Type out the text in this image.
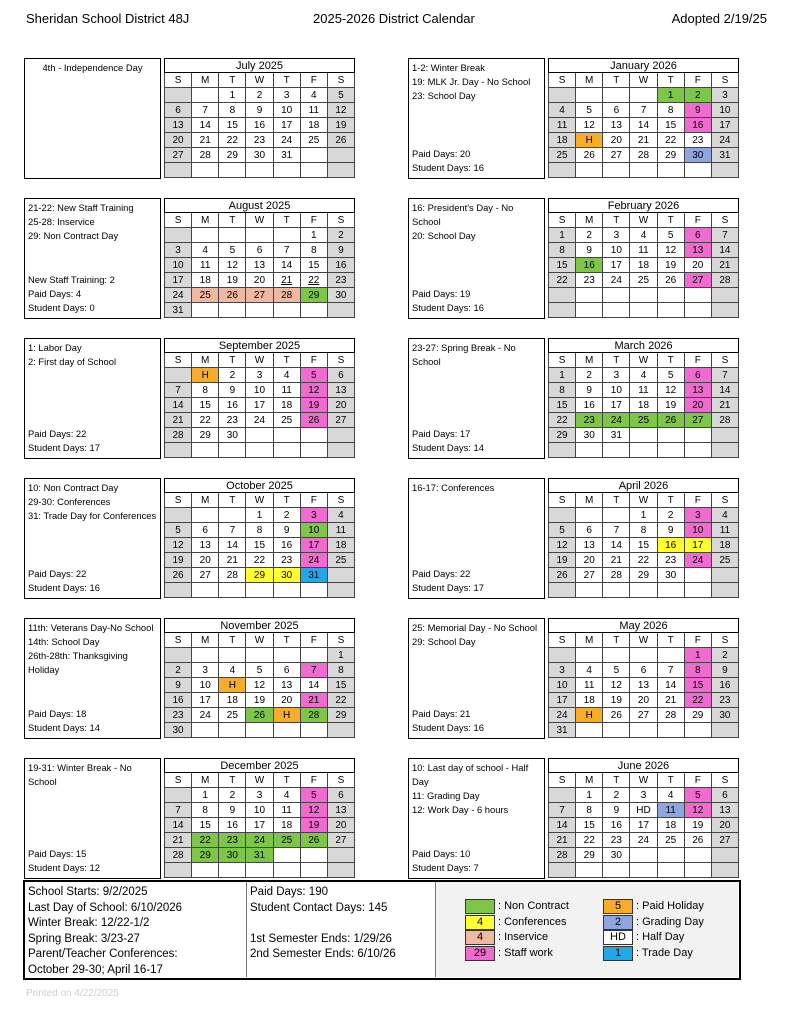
Sheridan School District 48J	2025-2026 District Calendar	Adopted 2/19/25
4th - Independence Day	July 2025						
S	M	T	W	T	F	S
		1	2	3	4	5
6	7	8	9	10	11	12
13	14	15	16	17	18	19
20	21	22	23	24	25	26
27	28	29	30	31		

21-22: New Staff Training
25-28: Inservice
29: Non Contract Day
New Staff Training: 2
Paid Days: 4
Student Days: 0
August 2025						
S	M	T	W	T	F	S
					1	2
3	4	5	6	7	8	9
10	11	12	13	14	15	16
17	18	19	20	21	22	23
24	25	26	27	28	29	30
31						
1: Labor Day
2: First day of School
Paid Days: 22
Student Days: 17
September 2025						
S	M	T	W	T	F	S
	H	2	3	4	5	6
7	8	9	10	11	12	13
14	15	16	17	18	19	20
21	22	23	24	25	26	27
28	29	30				

10: Non Contract Day
29-30: Conferences
31: Trade Day for Conferences
Paid Days: 22
Student Days: 16
October 2025						
S	M	T	W	T	F	S
			1	2	3	4
5	6	7	8	9	10	11
12	13	14	15	16	17	18
19	20	21	22	23	24	25
26	27	28	29	30	31	

11th: Veterans Day-No School
14th: School Day
26th-28th: Thanksgiving Holiday
Paid Days: 18
Student Days: 14
November 2025						
S	M	T	W	T	F	S
						1
2	3	4	5	6	7	8
9	10	H	12	13	14	15
16	17	18	19	20	21	22
23	24	25	26	H	28	29
30						
19-31: Winter Break - No School
Paid Days: 15
Student Days: 12
December 2025						
S	M	T	W	T	F	S
	1	2	3	4	5	6
7	8	9	10	11	12	13
14	15	16	17	18	19	20
21	22	23	24	25	26	27
28	29	30	31			

1-2: Winter Break
19: MLK Jr. Day - No School
23: School Day
Paid Days: 20
Student Days: 16
January 2026						
S	M	T	W	T	F	S
				1	2	3
4	5	6	7	8	9	10
11	12	13	14	15	16	17
18	H	20	21	22	23	24
25	26	27	28	29	30	31

16: President's Day - No School
20: School Day
Paid Days: 19
Student Days: 16
February 2026						
S	M	T	W	T	F	S
1	2	3	4	5	6	7
8	9	10	11	12	13	14
15	16	17	18	19	20	21
22	23	24	25	26	27	28

23-27: Spring Break - No School
Paid Days: 17
Student Days: 14
March 2026						
S	M	T	W	T	F	S
1	2	3	4	5	6	7
8	9	10	11	12	13	14
15	16	17	18	19	20	21
22	23	24	25	26	27	28
29	30	31				

16-17: Conferences
Paid Days: 22
Student Days: 17
April 2026						
S	M	T	W	T	F	S
			1	2	3	4
5	6	7	8	9	10	11
12	13	14	15	16	17	18
19	20	21	22	23	24	25
26	27	28	29	30		

25: Memorial Day - No School
29: School Day
Paid Days: 21
Student Days: 16
May 2026						
S	M	T	W	T	F	S
					1	2
3	4	5	6	7	8	9
10	11	12	13	14	15	16
17	18	19	20	21	22	23
24	H	26	27	28	29	30
31						
10: Last day of school - Half Day
11: Grading Day
12: Work Day - 6 hours
Paid Days: 10
Student Days: 7
June 2026						
S	M	T	W	T	F	S
	1	2	3	4	5	6
7	8	9	HD	11	12	13
14	15	16	17	18	19	20
21	22	23	24	25	26	27
28	29	30				

School Starts: 9/2/2025
Last Day of School: 6/10/2026
Winter Break: 12/22-1/2
Spring Break: 3/23-27
Parent/Teacher Conferences:
October 29-30; April 16-17
Paid Days: 190
Student Contact Days: 145

1st Semester Ends: 1/29/26
2nd Semester Ends: 6/10/26
: Non Contract
4 : Conferences
4 : Inservice
29 : Staff work
5 : Paid Holiday
2 : Grading Day
HD : Half Day
1 : Trade Day
Printed on 4/22/2025
